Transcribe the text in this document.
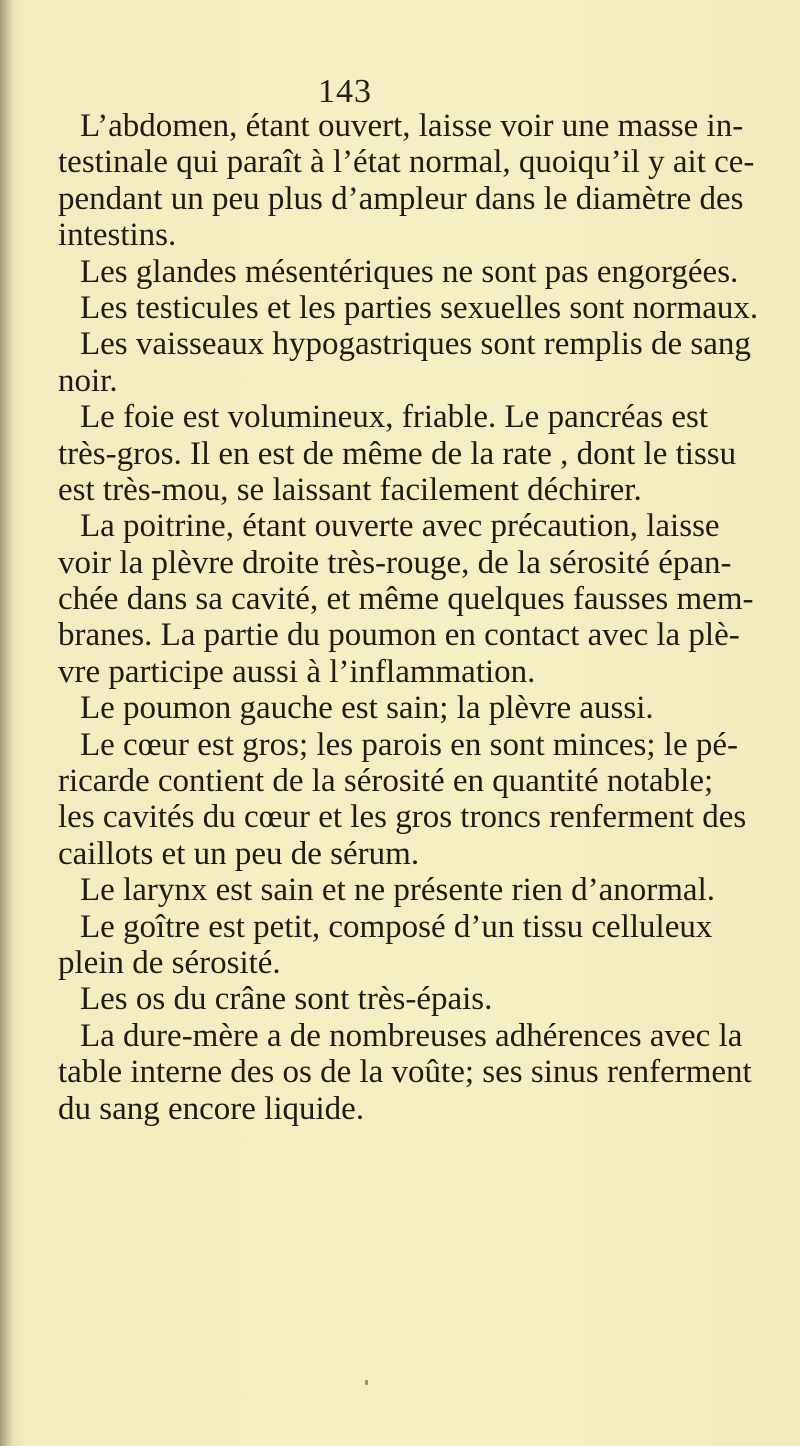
143
L’abdomen, étant ouvert, laisse voir une masse in-
testinale qui paraît à l’état normal, quoiqu’il y ait ce-
pendant un peu plus d’ampleur dans le diamètre des
intestins.
Les glandes mésentériques ne sont pas engorgées.
Les testicules et les parties sexuelles sont normaux.
Les vaisseaux hypogastriques sont remplis de sang
noir.
Le foie est volumineux, friable. Le pancréas est
très-gros. Il en est de même de la rate , dont le tissu
est très-mou, se laissant facilement déchirer.
La poitrine, étant ouverte avec précaution, laisse
voir la plèvre droite très-rouge, de la sérosité épan-
chée dans sa cavité, et même quelques fausses mem-
branes. La partie du poumon en contact avec la plè-
vre participe aussi à l’inflammation.
Le poumon gauche est sain; la plèvre aussi.
Le cœur est gros; les parois en sont minces; le pé-
ricarde contient de la sérosité en quantité notable;
les cavités du cœur et les gros troncs renferment des
caillots et un peu de sérum.
Le larynx est sain et ne présente rien d’anormal.
Le goître est petit, composé d’un tissu celluleux
plein de sérosité.
Les os du crâne sont très-épais.
La dure-mère a de nombreuses adhérences avec la
table interne des os de la voûte; ses sinus renferment
du sang encore liquide.
